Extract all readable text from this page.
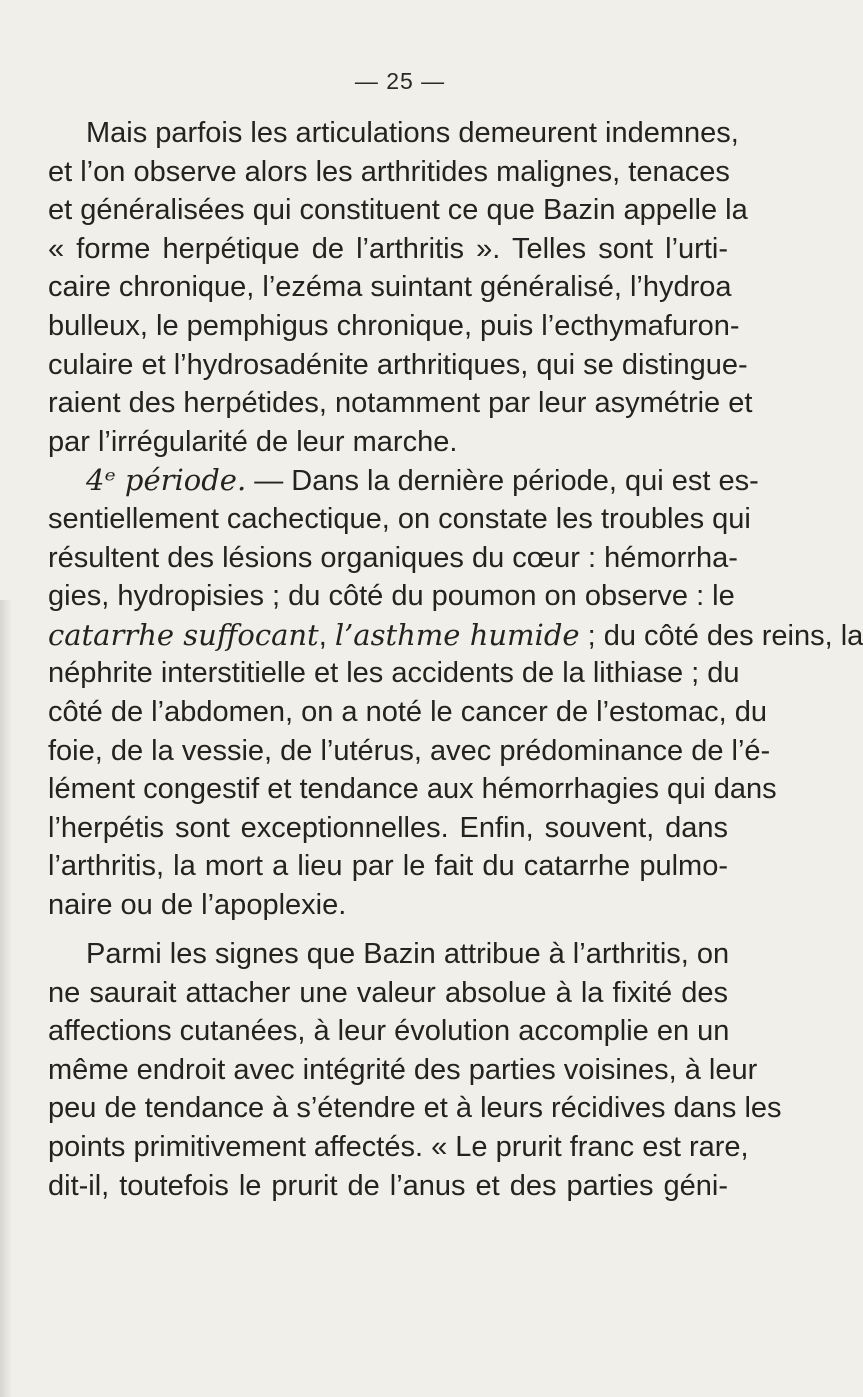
— 25 —
Mais parfois les articulations demeurent indemnes,
et l’on observe alors les arthritides malignes, tenaces
et généralisées qui constituent ce que Bazin appelle la
« forme herpétique de l’arthritis ». Telles sont l’urti-
caire chronique, l’ezéma suintant généralisé, l’hydroa
bulleux, le pemphigus chronique, puis l’ecthymafuron-
culaire et l’hydrosadénite arthritiques, qui se distingue-
raient des herpétides, notamment par leur asymétrie et
par l’irrégularité de leur marche.
4ᵉ période. — Dans la dernière période, qui est es-
sentiellement cachectique, on constate les troubles qui
résultent des lésions organiques du cœur : hémorrha-
gies, hydropisies ; du côté du poumon on observe : le
catarrhe suffocant, l’asthme humide ; du côté des reins, la
néphrite interstitielle et les accidents de la lithiase ; du
côté de l’abdomen, on a noté le cancer de l’estomac, du
foie, de la vessie, de l’utérus, avec prédominance de l’é-
lément congestif et tendance aux hémorrhagies qui dans
l’herpétis sont exceptionnelles. Enfin, souvent, dans
l’arthritis, la mort a lieu par le fait du catarrhe pulmo-
naire ou de l’apoplexie.
Parmi les signes que Bazin attribue à l’arthritis, on
ne saurait attacher une valeur absolue à la fixité des
affections cutanées, à leur évolution accomplie en un
même endroit avec intégrité des parties voisines, à leur
peu de tendance à s’étendre et à leurs récidives dans les
points primitivement affectés. « Le prurit franc est rare,
dit-il, toutefois le prurit de l’anus et des parties géni-
